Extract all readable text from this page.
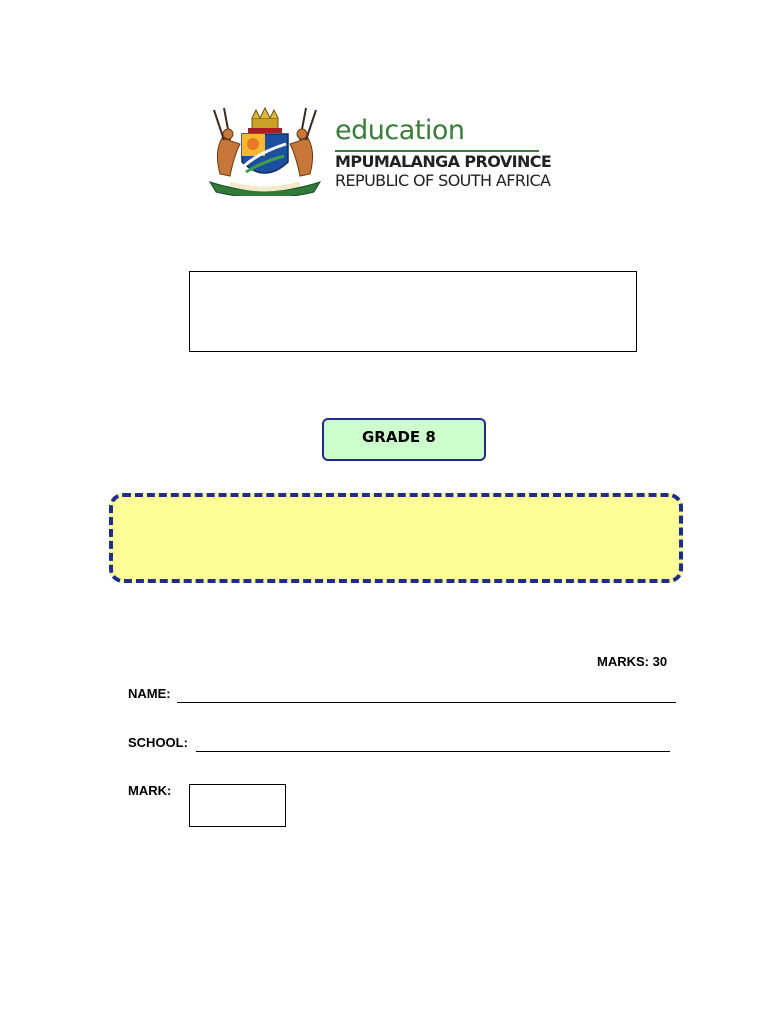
education
MPUMALANGA PROVINCE
REPUBLIC OF SOUTH AFRICA
GRADE 8
MARKS: 30
NAME:
SCHOOL:
MARK:
